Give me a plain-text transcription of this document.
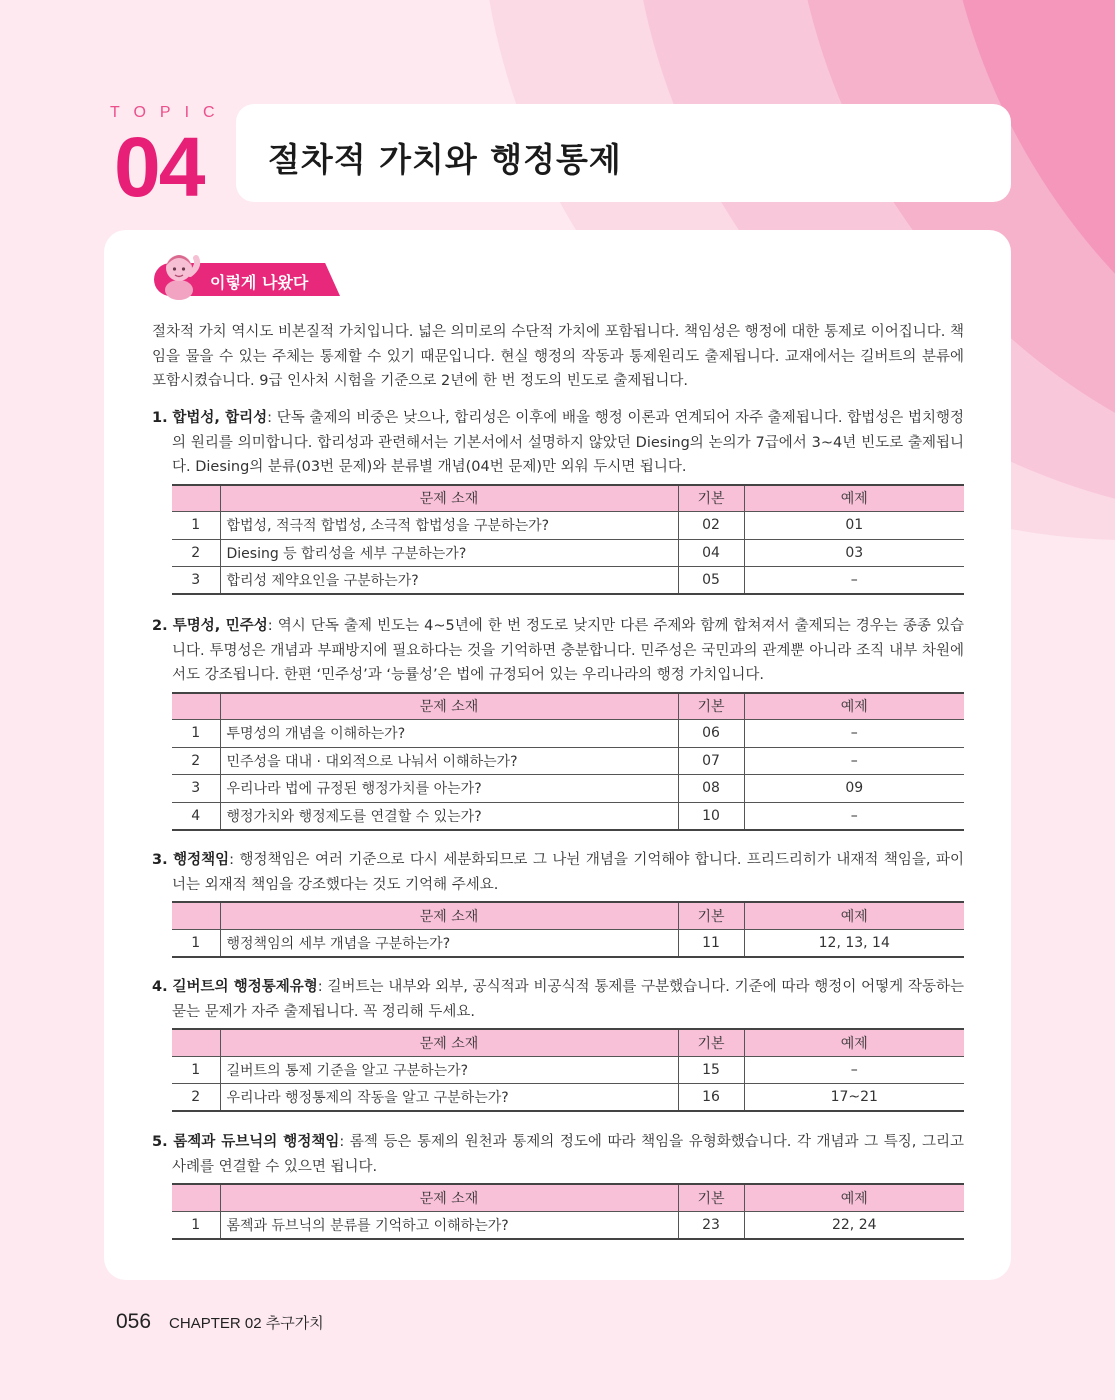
TOPIC
04 절차적 가치와 행정통제
이렇게 나왔다

절차적 가치 역시도 비본질적 가치입니다. 넓은 의미로의 수단적 가치에 포함됩니다. 책임성은 행정에 대한 통제로 이어집니다. 책임을 물을 수 있는 주체는 통제할 수 있기 때문입니다. 현실 행정의 작동과 통제원리도 출제됩니다. 교재에서는 길버트의 분류에 포함시켰습니다. 9급 인사처 시험을 기준으로 2년에 한 번 정도의 빈도로 출제됩니다.

1. 합법성, 합리성: 단독 출제의 비중은 낮으나, 합리성은 이후에 배울 행정 이론과 연계되어 자주 출제됩니다. 합법성은 법치행정의 원리를 의미합니다. 합리성과 관련해서는 기본서에서 설명하지 않았던 Diesing의 논의가 7급에서 3~4년 빈도로 출제됩니다. Diesing의 분류(03번 문제)와 분류별 개념(04번 문제)만 외워 두시면 됩니다.

	문제 소재	기본	예제
1	합법성, 적극적 합법성, 소극적 합법성을 구분하는가?	02	01
2	Diesing 등 합리성을 세부 구분하는가?	04	03
3	합리성 제약요인을 구분하는가?	05	–

2. 투명성, 민주성: 역시 단독 출제 빈도는 4~5년에 한 번 정도로 낮지만 다른 주제와 함께 합쳐져서 출제되는 경우는 종종 있습니다. 투명성은 개념과 부패방지에 필요하다는 것을 기억하면 충분합니다. 민주성은 국민과의 관계뿐 아니라 조직 내부 차원에서도 강조됩니다. 한편 ‘민주성’과 ‘능률성’은 법에 규정되어 있는 우리나라의 행정 가치입니다.

	문제 소재	기본	예제
1	투명성의 개념을 이해하는가?	06	–
2	민주성을 대내 · 대외적으로 나눠서 이해하는가?	07	–
3	우리나라 법에 규정된 행정가치를 아는가?	08	09
4	행정가치와 행정제도를 연결할 수 있는가?	10	–

3. 행정책임: 행정책임은 여러 기준으로 다시 세분화되므로 그 나뉜 개념을 기억해야 합니다. 프리드리히가 내재적 책임을, 파이너는 외재적 책임을 강조했다는 것도 기억해 주세요.

	문제 소재	기본	예제
1	행정책임의 세부 개념을 구분하는가?	11	12, 13, 14

4. 길버트의 행정통제유형: 길버트는 내부와 외부, 공식적과 비공식적 통제를 구분했습니다. 기준에 따라 행정이 어떻게 작동하는 묻는 문제가 자주 출제됩니다. 꼭 정리해 두세요.

	문제 소재	기본	예제
1	길버트의 통제 기준을 알고 구분하는가?	15	–
2	우리나라 행정통제의 작동을 알고 구분하는가?	16	17~21

5. 롬젝과 듀브닉의 행정책임: 롬젝 등은 통제의 원천과 통제의 정도에 따라 책임을 유형화했습니다. 각 개념과 그 특징, 그리고 사례를 연결할 수 있으면 됩니다.

	문제 소재	기본	예제
1	롬젝과 듀브닉의 분류를 기억하고 이해하는가?	23	22, 24
056 CHAPTER 02 추구가치
